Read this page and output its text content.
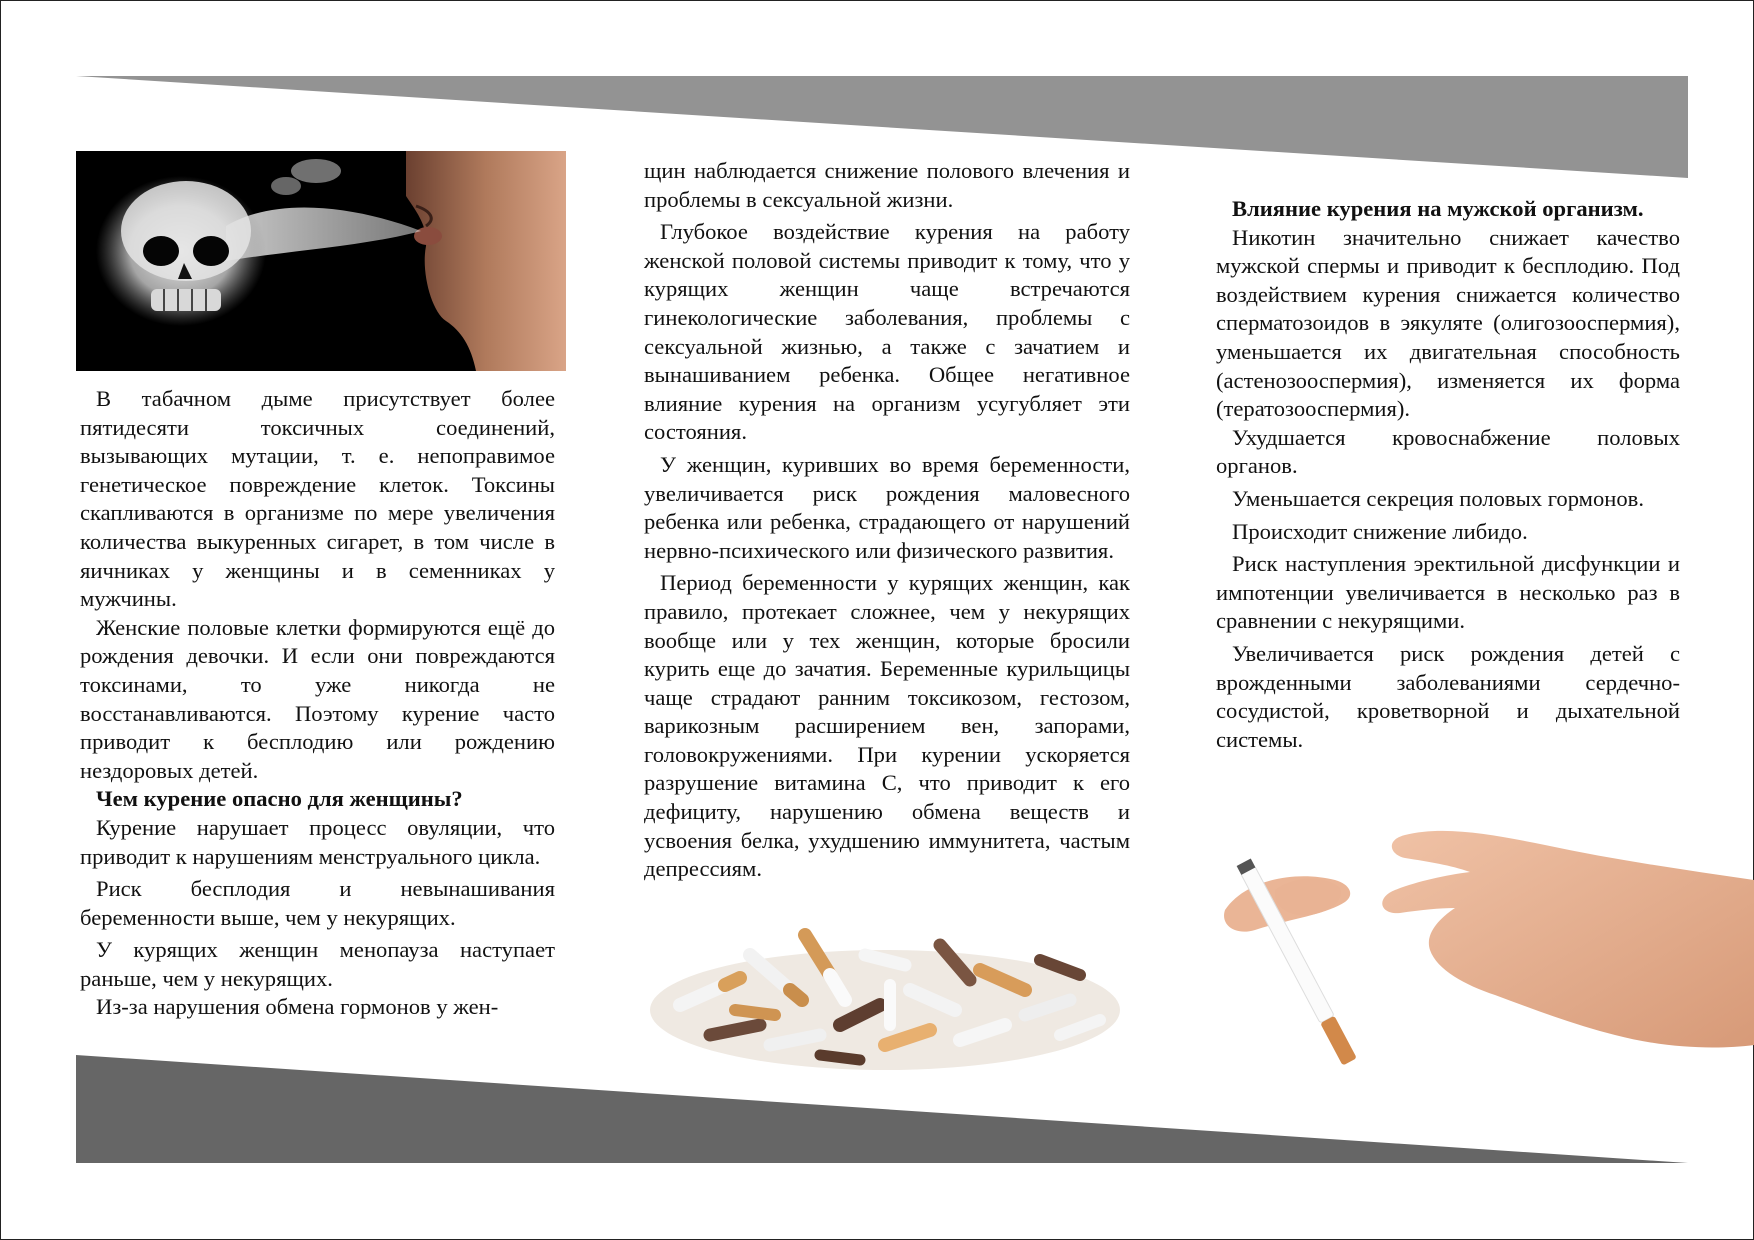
В табачном дыме присутствует более пятидесяти токсичных соединений, вызывающих мутации, т. е. непоправимое генетическое повреждение клеток. Токсины скапливаются в организме по мере увеличения количества выкуренных сигарет, в том числе в яичниках у женщины и в семенниках у мужчины.

Женские половые клетки формируются ещё до рождения девочки. И если они повреждаются токсинами, то уже никогда не восстанавливаются. Поэтому курение часто приводит к бесплодию или рождению нездоровых детей.

Чем курение опасно для женщины?

Курение нарушает процесс овуляции, что приводит к нарушениям менструального цикла.

Риск бесплодия и невынашивания беременности выше, чем у некурящих.

У курящих женщин менопауза наступает раньше, чем у некурящих.

Из-за нарушения обмена гормонов у жен-

щин наблюдается снижение полового влечения и проблемы в сексуальной жизни.

Глубокое воздействие курения на работу женской половой системы приводит к тому, что у курящих женщин чаще встречаются гинекологические заболевания, проблемы с сексуальной жизнью, а также с зачатием и вынашиванием ребенка. Общее негативное влияние курения на организм усугубляет эти состояния.

У женщин, куривших во время беременности, увеличивается риск рождения маловесного ребенка или ребенка, страдающего от нарушений нервно-психического или физического развития.

Период беременности у курящих женщин, как правило, протекает сложнее, чем у некурящих вообще или у тех женщин, которые бросили курить еще до зачатия. Беременные курильщицы чаще страдают ранним токсикозом, гестозом, варикозным расширением вен, запорами, головокружениями. При курении ускоряется разрушение витамина С, что приводит к его дефициту, нарушению обмена веществ и усвоения белка, ухудшению иммунитета, частым депрессиям.

Влияние курения на мужской организм.

Никотин значительно снижает качество мужской спермы и приводит к бесплодию. Под воздействием курения снижается количество сперматозоидов в эякуляте (олигозооспермия), уменьшается их двигательная способность (астенозооспермия), изменяется их форма (тератозооспермия).

Ухудшается кровоснабжение половых органов.

Уменьшается секреция половых гормонов.

Происходит снижение либидо.

Риск наступления эректильной дисфункции и импотенции увеличивается в несколько раз в сравнении с некурящими.

Увеличивается риск рождения детей с врожденными заболеваниями сердечно-сосудистой, кроветворной и дыхательной системы.
